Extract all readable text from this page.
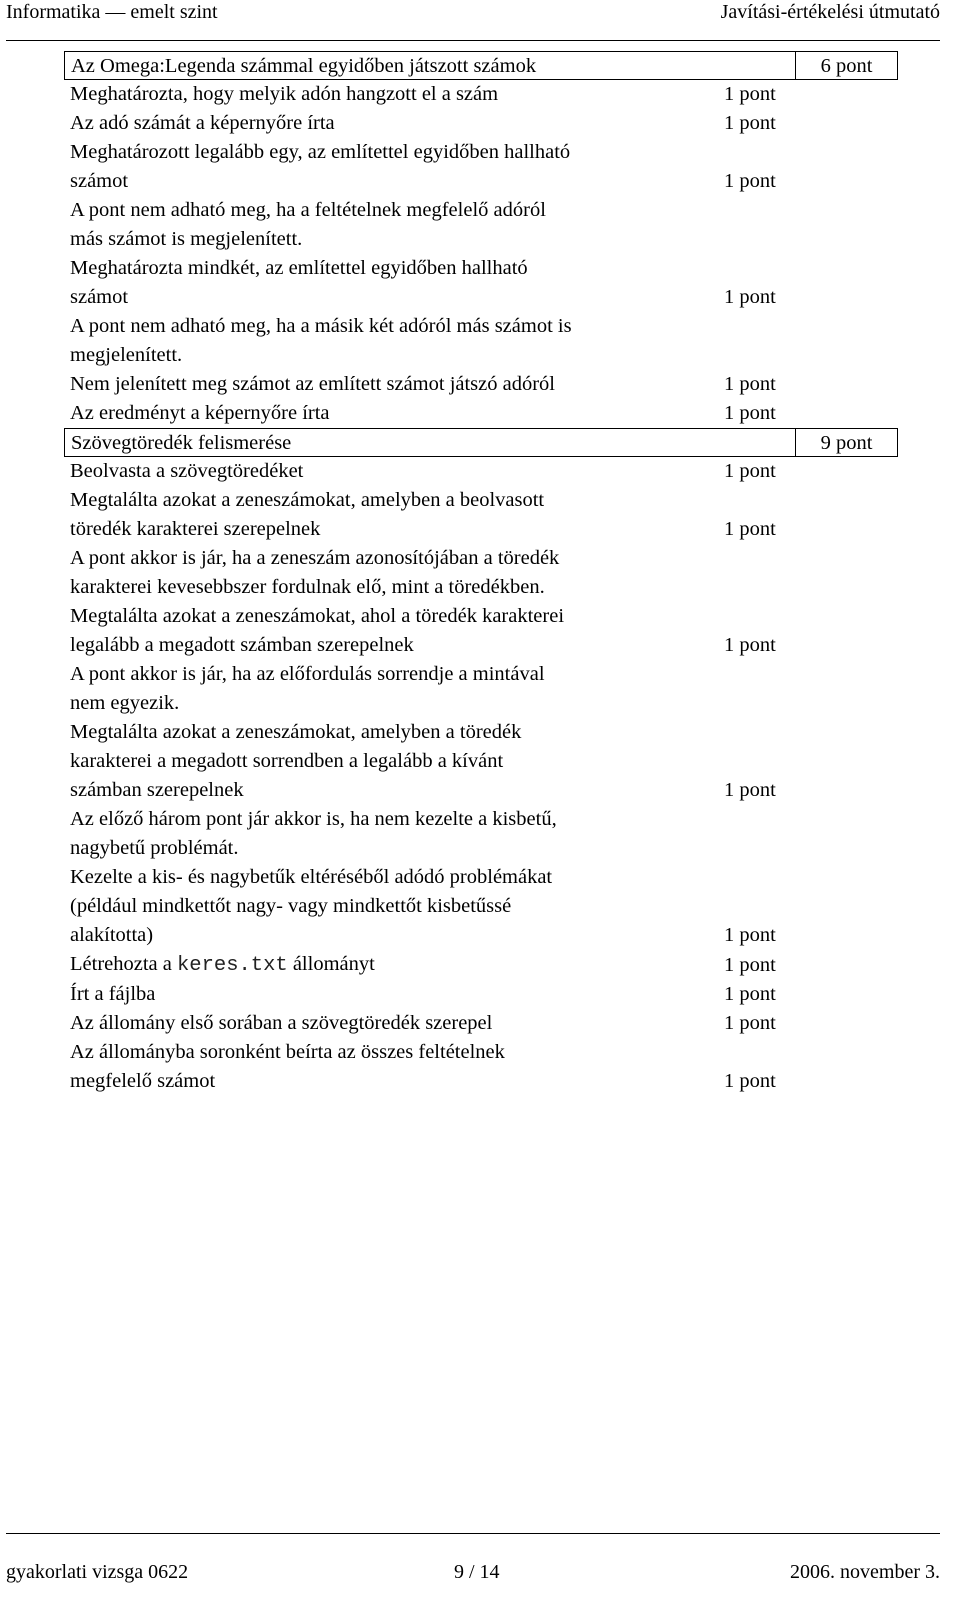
Informatika — emelt szint	Javítási-értékelési útmutató
Az Omega:Legenda számmal egyidőben játszott számok	6 pont
Meghatározta, hogy melyik adón hangzott el a szám	1 pont
Az adó számát a képernyőre írta	1 pont
Meghatározott legalább egy, az említettel egyidőben hallható
számot	1 pont
A pont nem adható meg, ha a feltételnek megfelelő adóról
más számot is megjelenített.
Meghatározta mindkét, az említettel egyidőben hallható
számot	1 pont
A pont nem adható meg, ha a másik két adóról más számot is
megjelenített.
Nem jelenített meg számot az említett számot játszó adóról	1 pont
Az eredményt a képernyőre írta	1 pont
Szövegtöredék felismerése	9 pont
Beolvasta a szövegtöredéket	1 pont
Megtalálta azokat a zeneszámokat, amelyben a beolvasott
töredék karakterei szerepelnek	1 pont
A pont akkor is jár, ha a zeneszám azonosítójában a töredék
karakterei kevesebbszer fordulnak elő, mint a töredékben.
Megtalálta azokat a zeneszámokat, ahol a töredék karakterei
legalább a megadott számban szerepelnek	1 pont
A pont akkor is jár, ha az előfordulás sorrendje a mintával
nem egyezik.
Megtalálta azokat a zeneszámokat, amelyben a töredék
karakterei a megadott sorrendben a legalább a kívánt
számban szerepelnek	1 pont
Az előző három pont jár akkor is, ha nem kezelte a kisbetű,
nagybetű problémát.
Kezelte a kis- és nagybetűk eltéréséből adódó problémákat
(például mindkettőt nagy- vagy mindkettőt kisbetűssé
alakította)	1 pont
Létrehozta a keres.txt állományt	1 pont
Írt a fájlba	1 pont
Az állomány első sorában a szövegtöredék szerepel	1 pont
Az állományba soronként beírta az összes feltételnek
megfelelő számot	1 pont
gyakorlati vizsga 0622	9 / 14	2006. november 3.
